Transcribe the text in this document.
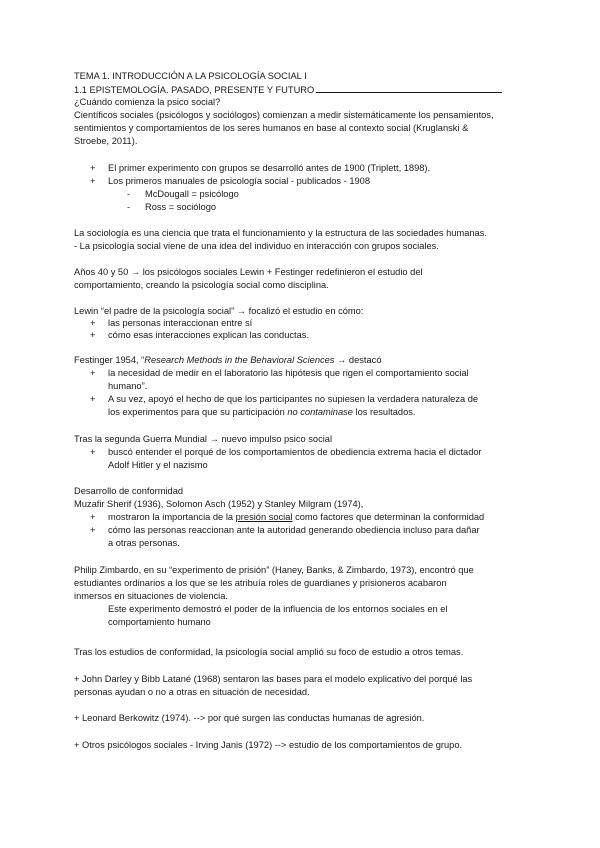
TEMA 1. INTRODUCCIÓN A LA PSICOLOGÍA SOCIAL I
1.1 EPISTEMOLOGÍA. PASADO, PRESENTE Y FUTURO
¿Cuándo comienza la psico social?
Científicos sociales (psicólogos y sociólogos) comienzan a medir sistemáticamente los pensamientos,
sentimientos y comportamientos de los seres humanos en base al contexto social (Kruglanski &
Stroebe, 2011).
+ El primer experimento con grupos se desarrolló antes de 1900 (Triplett, 1898).
+ Los primeros manuales de psicología social - publicados - 1908
- McDougall = psicólogo
- Ross = sociólogo
La sociología es una ciencia que trata el funcionamiento y la estructura de las sociedades humanas.
- La psicología social viene de una idea del individuo en interacción con grupos sociales.
Años 40 y 50 → los psicólogos sociales Lewin + Festinger redefinieron el estudio del
comportamiento, creando la psicología social como disciplina.
Lewin “el padre de la psicología social” → focalizó el estudio en cómo:
+ las personas interaccionan entre sí
+ cómo esas interacciones explican las conductas.
Festinger 1954, “Research Methods in the Behavioral Sciences → destacó
+ la necesidad de medir en el laboratorio las hipótesis que rigen el comportamiento social
humano”.
+ A su vez, apoyó el hecho de que los participantes no supiesen la verdadera naturaleza de
los experimentos para que su participación no contaminase los resultados.
Tras la segunda Guerra Mundial → nuevo impulso psico social
+ buscó entender el porqué de los comportamientos de obediencia extrema hacia el dictador
Adolf Hitler y el nazismo
Desarrollo de conformidad
Muzafir Sherif (1936), Solomon Asch (1952) y Stanley Milgram (1974),
+ mostraron la importancia de la presión social como factores que determinan la conformidad
+ cómo las personas reaccionan ante la autoridad generando obediencia incluso para dañar
a otras personas.
Philip Zimbardo, en su “experimento de prisión” (Haney, Banks, & Zimbardo, 1973), encontró que
estudiantes ordinarios a los que se les atribuía roles de guardianes y prisioneros acabaron
inmersos en situaciones de violencia.
Este experimento demostró el poder de la influencia de los entornos sociales en el
comportamiento humano
Tras los estudios de conformidad, la psicología social amplió su foco de estudio a otros temas.
+ John Darley y Bibb Latané (1968) sentaron las bases para el modelo explicativo del porqué las
personas ayudan o no a otras en situación de necesidad.
+ Leonard Berkowitz (1974). --> por qué surgen las conductas humanas de agresión.
+ Otros psicólogos sociales - Irving Janis (1972) --> estudio de los comportamientos de grupo.
